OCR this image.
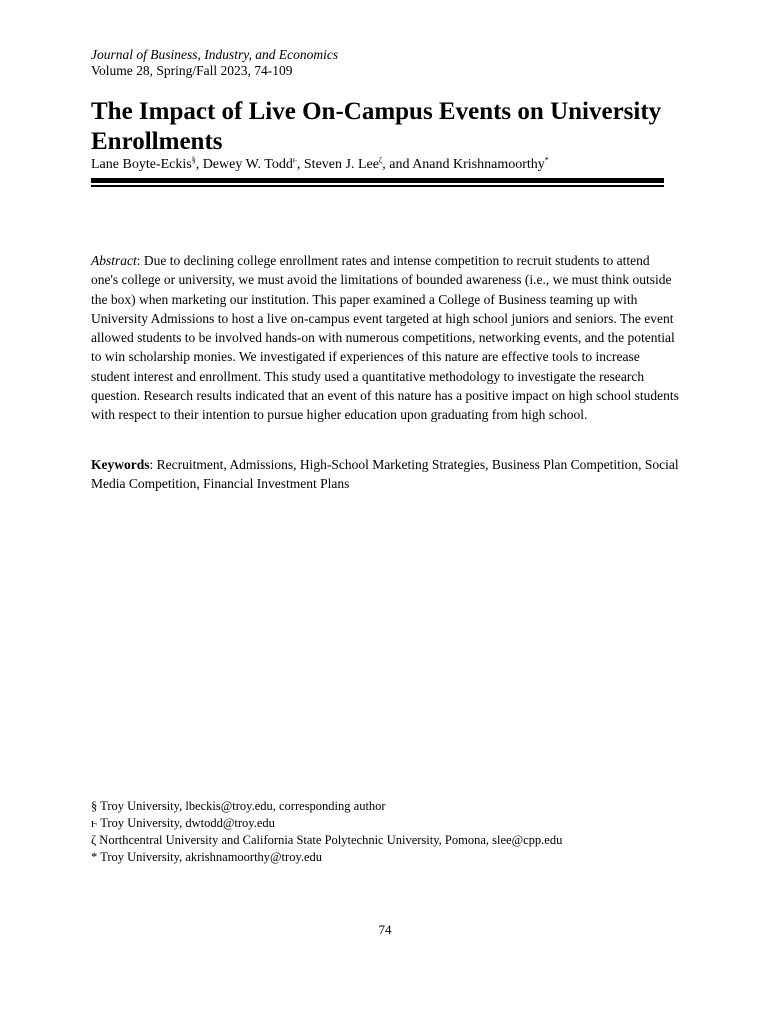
Journal of Business, Industry, and Economics
Volume 28, Spring/Fall 2023, 74-109
The Impact of Live On-Campus Events on University Enrollments
Lane Boyte-Eckis§, Dewey W. Todd$^ⱶ$, Steven J. Lee$^\zeta$, and Anand Krishnamoorthy*

Abstract: Due to declining college enrollment rates and intense competition to recruit students to attend one's college or university, we must avoid the limitations of bounded awareness (i.e., we must think outside the box) when marketing our institution. This paper examined a College of Business teaming up with University Admissions to host a live on-campus event targeted at high school juniors and seniors. The event allowed students to be involved hands-on with numerous competitions, networking events, and the potential to win scholarship monies. We investigated if experiences of this nature are effective tools to increase student interest and enrollment. This study used a quantitative methodology to investigate the research question. Research results indicated that an event of this nature has a positive impact on high school students with respect to their intention to pursue higher education upon graduating from high school.

Keywords: Recruitment, Admissions, High-School Marketing Strategies, Business Plan Competition, Social Media Competition, Financial Investment Plans

§ Troy University, lbeckis@troy.edu, corresponding author
ⱶ Troy University, dwtodd@troy.edu
ζ Northcentral University and California State Polytechnic University, Pomona, slee@cpp.edu
* Troy University, akrishnamoorthy@troy.edu
74
